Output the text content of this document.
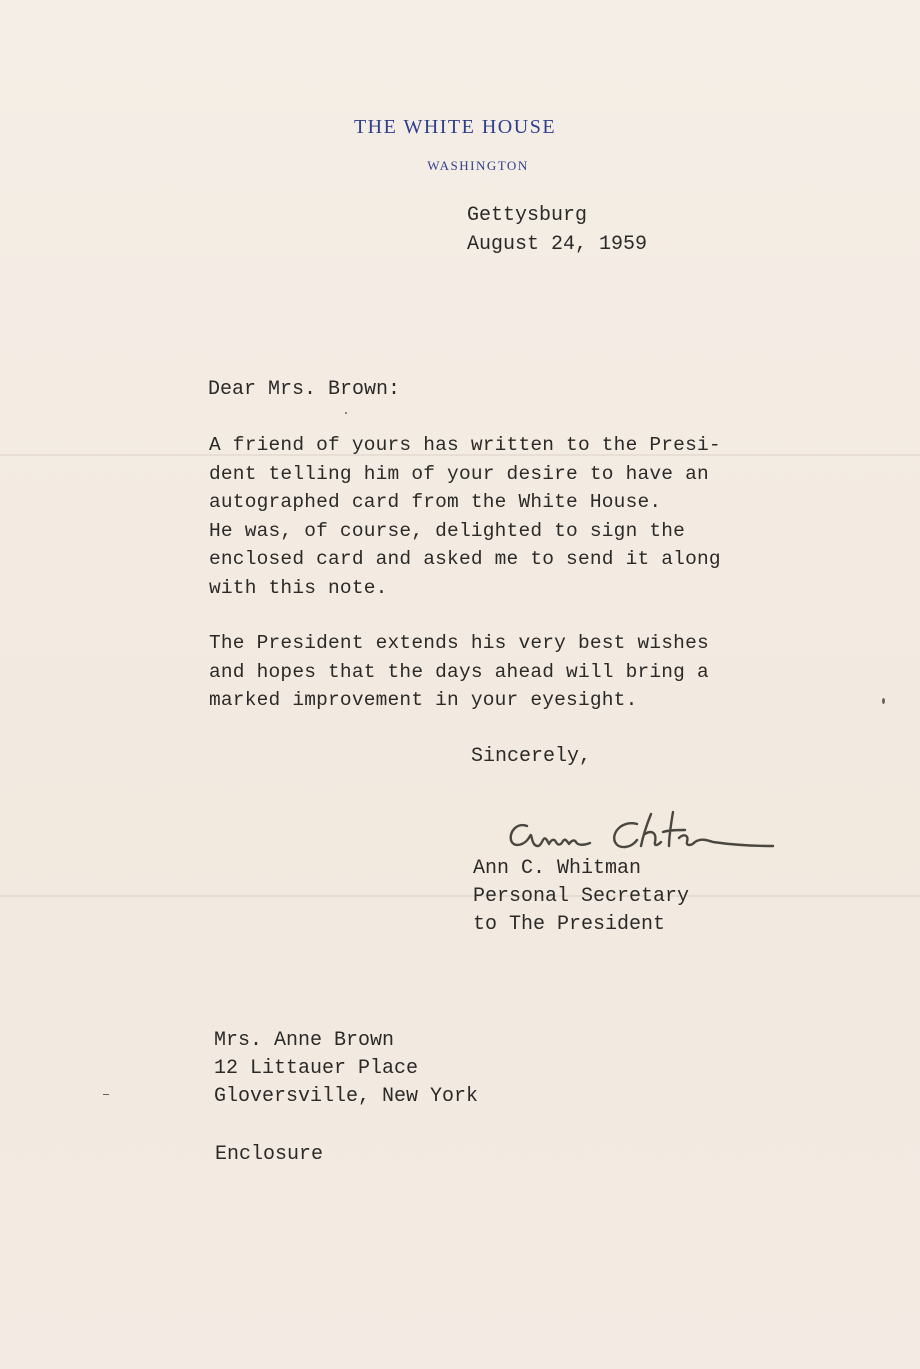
THE WHITE HOUSE
WASHINGTON
Gettysburg
August 24, 1959
Dear Mrs. Brown:
A friend of yours has written to the Presi-
dent telling him of your desire to have an
autographed card from the White House.
He was, of course, delighted to sign the
enclosed card and asked me to send it along
with this note.
The President extends his very best wishes
and hopes that the days ahead will bring a
marked improvement in your eyesight.
Sincerely,
Ann C. Whitman
Personal Secretary
to The President
Mrs. Anne Brown
12 Littauer Place
Gloversville, New York
Enclosure
